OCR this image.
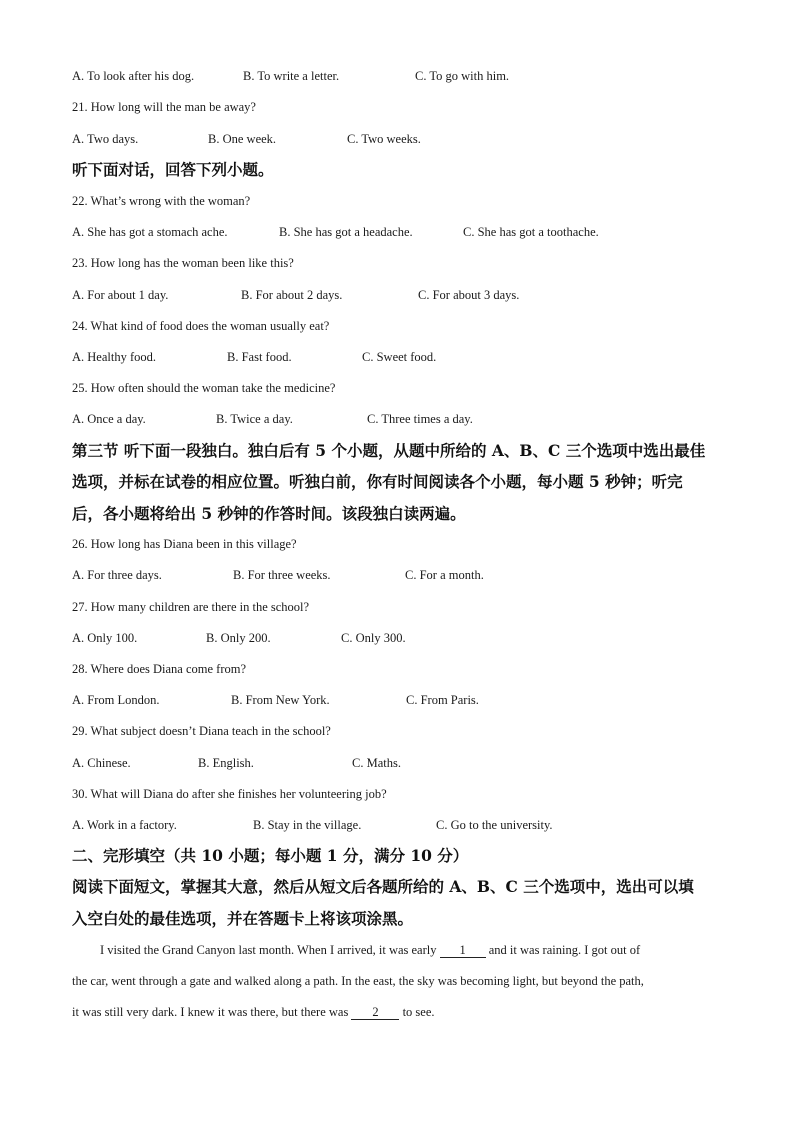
A. To look after his dog.	B. To write a letter.	C. To go with him.
21. How long will the man be away?
A. Two days.	B. One week.	C. Two weeks.
听下面对话，回答下列小题。
22. What’s wrong with the woman?
A. She has got a stomach ache.	B. She has got a headache.	C. She has got a toothache.
23. How long has the woman been like this?
A. For about 1 day.	B. For about 2 days.	C. For about 3 days.
24. What kind of food does the woman usually eat?
A. Healthy food.	B. Fast food.	C. Sweet food.
25. How often should the woman take the medicine?
A. Once a day.	B. Twice a day.	C. Three times a day.
第三节 听下面一段独白。独白后有 5 个小题，从题中所给的 A、B、C 三个选项中选出最佳
选项，并标在试卷的相应位置。听独白前，你有时间阅读各个小题，每小题 5 秒钟；听完
后，各小题将给出 5 秒钟的作答时间。该段独白读两遍。
26. How long has Diana been in this village?
A. For three days.	B. For three weeks.	C. For a month.
27. How many children are there in the school?
A. Only 100.	B. Only 200.	C. Only 300.
28. Where does Diana come from?
A. From London.	B. From New York.	C. From Paris.
29. What subject doesn’t Diana teach in the school?
A. Chinese.	B. English.	C. Maths.
30. What will Diana do after she finishes her volunteering job?
A. Work in a factory.	B. Stay in the village.	C. Go to the university.
二、完形填空（共 10 小题；每小题 1 分，满分 10 分）
阅读下面短文，掌握其大意，然后从短文后各题所给的 A、B、C 三个选项中，选出可以填
入空白处的最佳选项，并在答题卡上将该项涂黑。
I visited the Grand Canyon last month. When I arrived, it was early 1 and it was raining. I got out of
the car, went through a gate and walked along a path. In the east, the sky was becoming light, but beyond the path,
it was still very dark. I knew it was there, but there was 2 to see.
